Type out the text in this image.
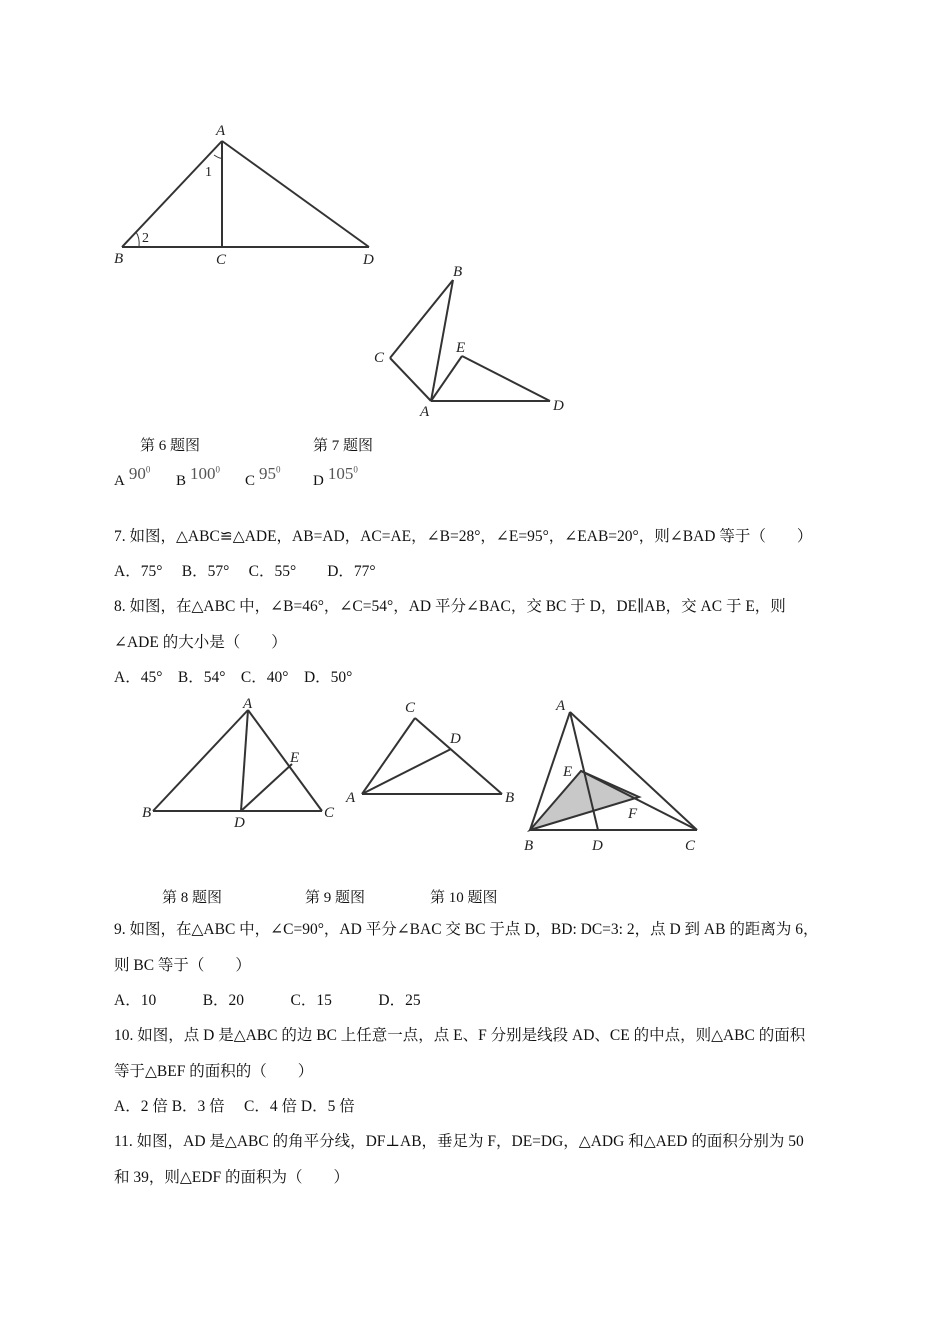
A
B	C	D
1
2
B
C
E
A	D
第 6 题图	第 7 题图
A $90^0$
B $100^0$
C $95^0$
D $105^0$
7. 如图，△ABC≌△ADE，AB=AD，AC=AE，∠B=28°，∠E=95°，∠EAB=20°，则∠BAD 等于（　　）
A．75°　 B．57°　 C．55°　　D．77°
8. 如图，在△ABC 中，∠B=46°，∠C=54°，AD 平分∠BAC，交 BC 于 D，DE∥AB，交 AC 于 E，则
∠ADE 的大小是（　　）
A．45°　B．54°　C．40°　D．50°
A
B	C
D
E
C
D
A	B
A
E
F
B	D	C
第 8 题图	第 9 题图	第 10 题图
9. 如图，在△ABC 中，∠C=90°，AD 平分∠BAC 交 BC 于点 D，BD: DC=3: 2，点 D 到 AB 的距离为 6，
则 BC 等于（　　）
A．10　　　B．20　　　C．15　　　D．25
10. 如图，点 D 是△ABC 的边 BC 上任意一点，点 E、F 分别是线段 AD、CE 的中点，则△ABC 的面积
等于△BEF 的面积的（　　）
A．2 倍 B．3 倍　 C．4 倍 D．5 倍
11. 如图，AD 是△ABC 的角平分线，DF⊥AB，垂足为 F，DE=DG，△ADG 和△AED 的面积分别为 50
和 39，则△EDF 的面积为（　　）
